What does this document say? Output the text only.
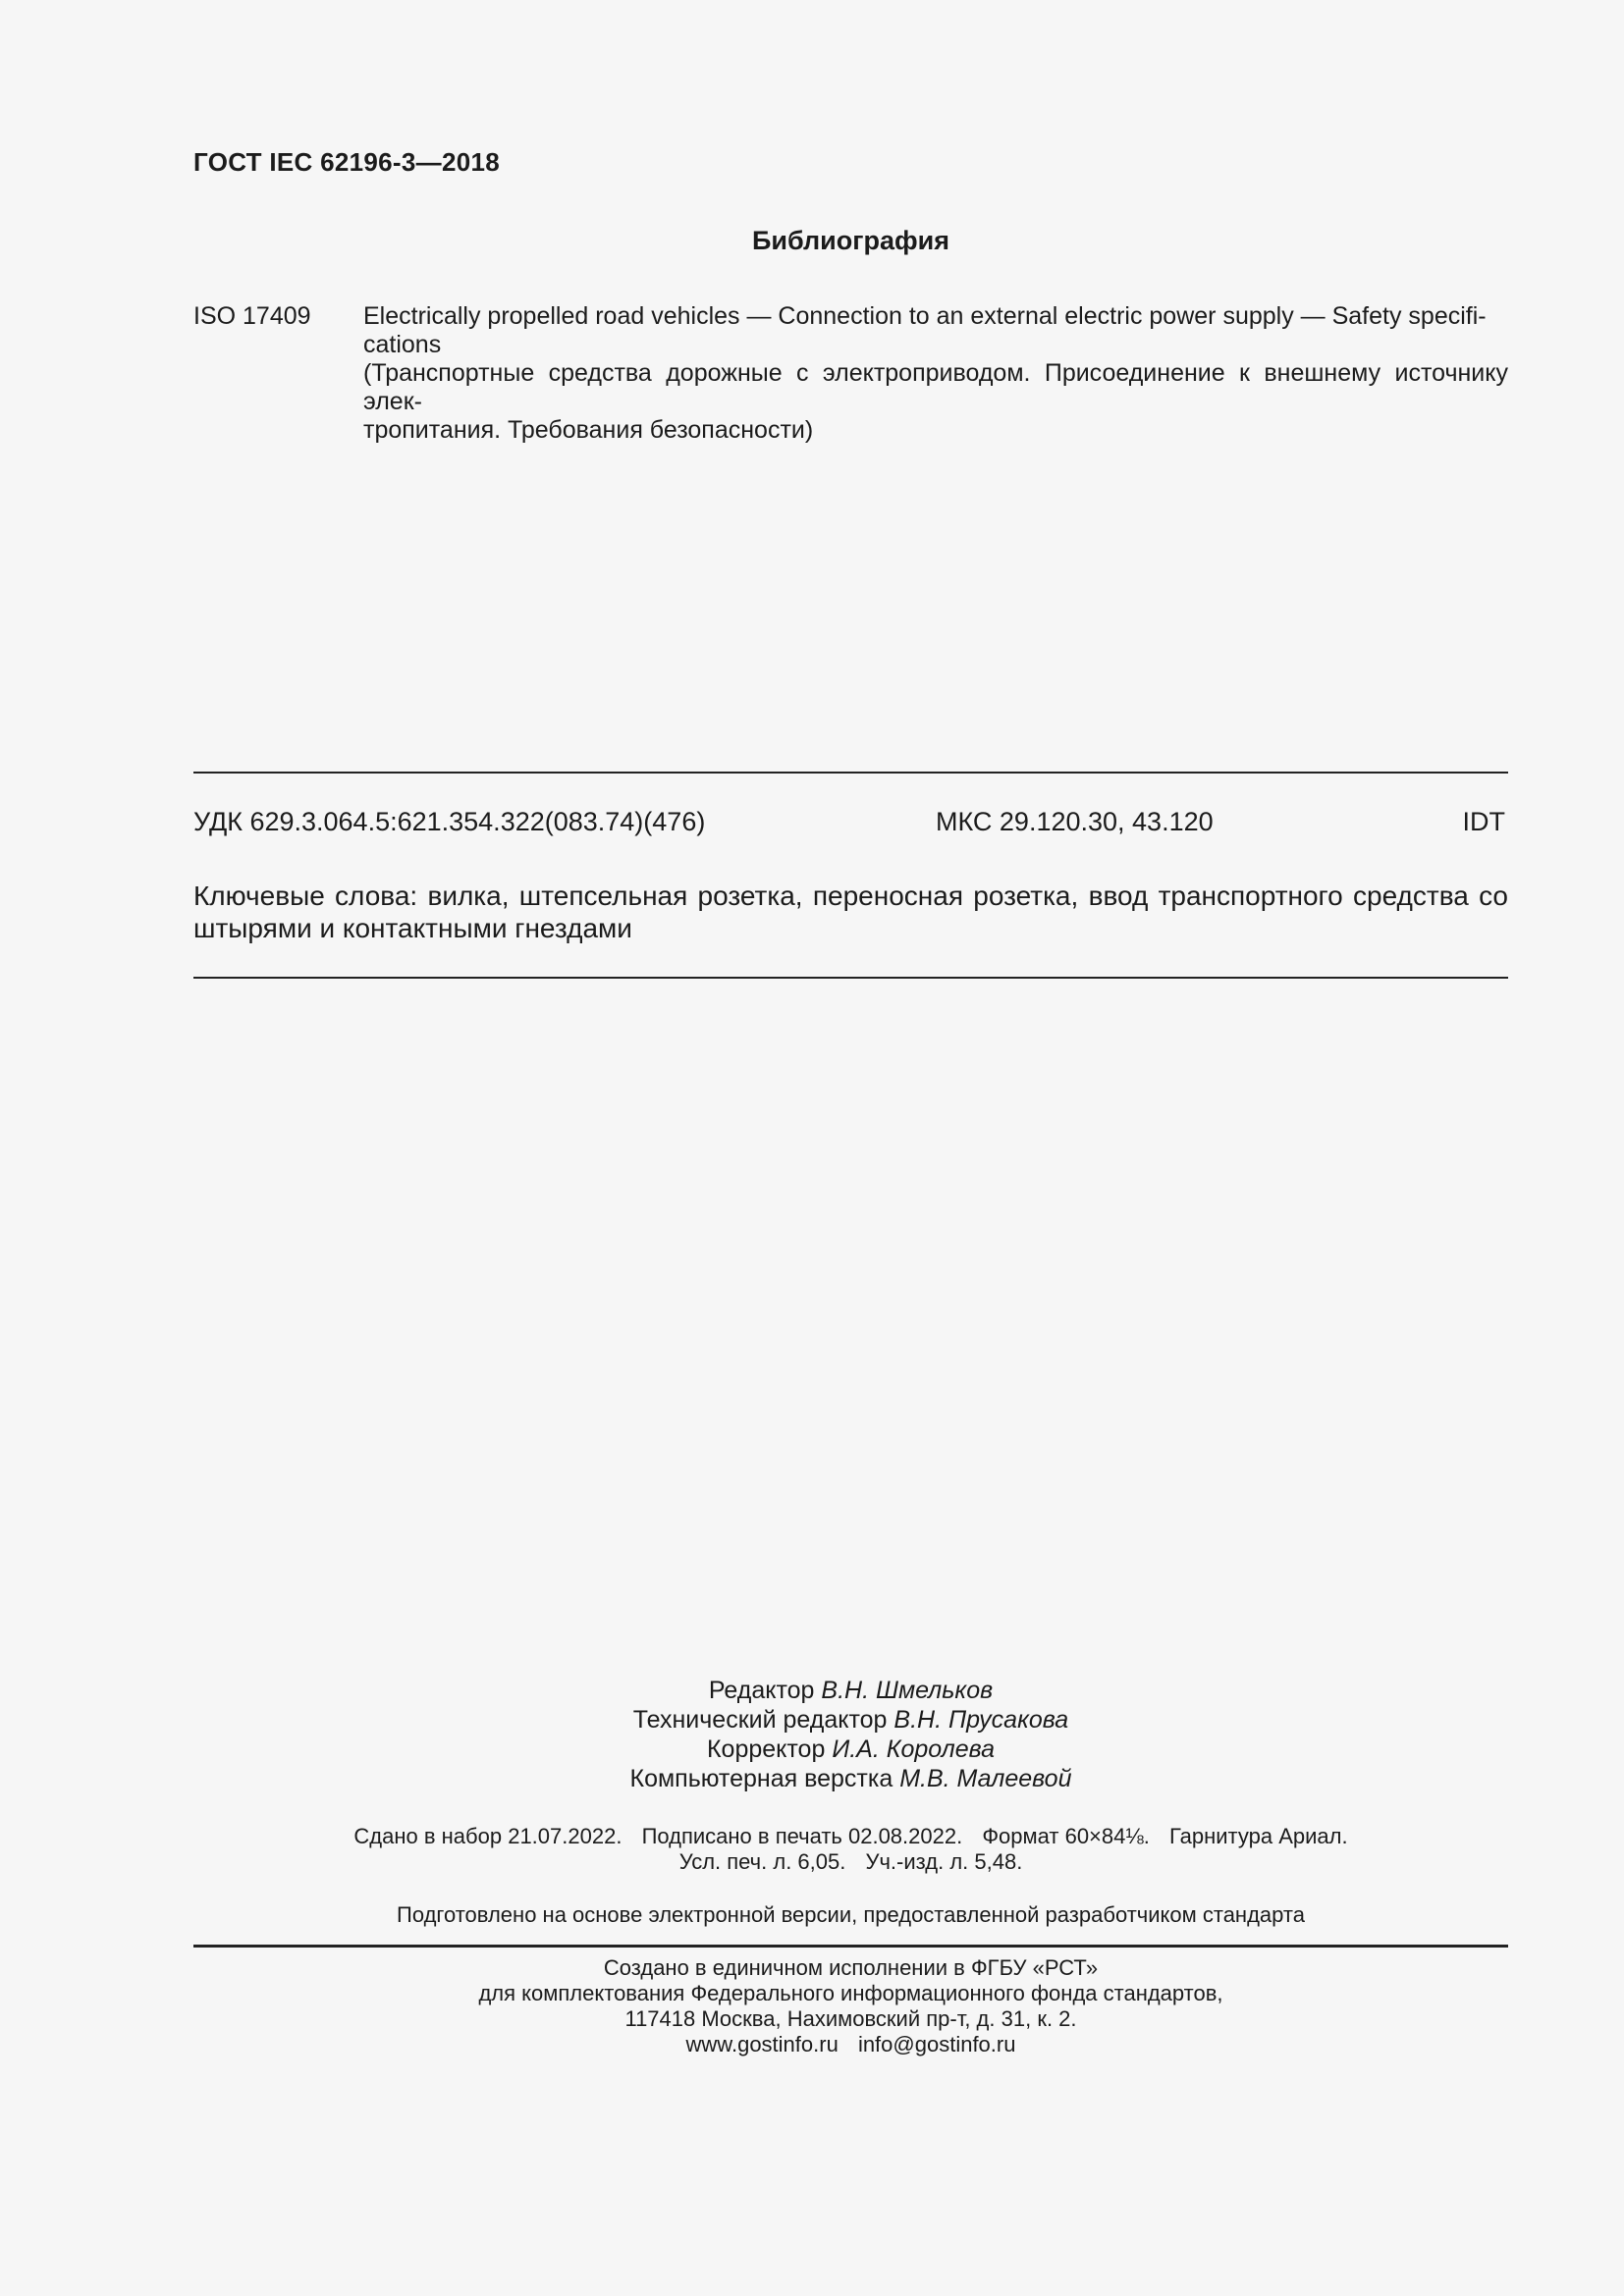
ГОСТ IEC 62196-3—2018
Библиография
ISO 17409	Electrically propelled road vehicles — Connection to an external electric power supply — Safety specifi-
cations

(Транспортные средства дорожные с электроприводом. Присоединение к внешнему источнику элек-
тропитания. Требования безопасности)

УДК 629.3.064.5:621.354.322(083.74)(476)	МКС 29.120.30, 43.120	IDT
Ключевые слова: вилка, штепсельная розетка, переносная розетка, ввод транспортного средства со штырями и контактными гнездами
Редактор В.Н. Шмельков
Технический редактор В.Н. Прусакова
Корректор И.А. Королева
Компьютерная верстка М.В. Малеевой
Сдано в набор 21.07.2022. Подписано в печать 02.08.2022. Формат 60×84⅛. Гарнитура Ариал.
Усл. печ. л. 6,05. Уч.-изд. л. 5,48.
Подготовлено на основе электронной версии, предоставленной разработчиком стандарта
Создано в единичном исполнении в ФГБУ «РСТ»
для комплектования Федерального информационного фонда стандартов,
117418 Москва, Нахимовский пр-т, д. 31, к. 2.
www.gostinfo.ru info@gostinfo.ru
